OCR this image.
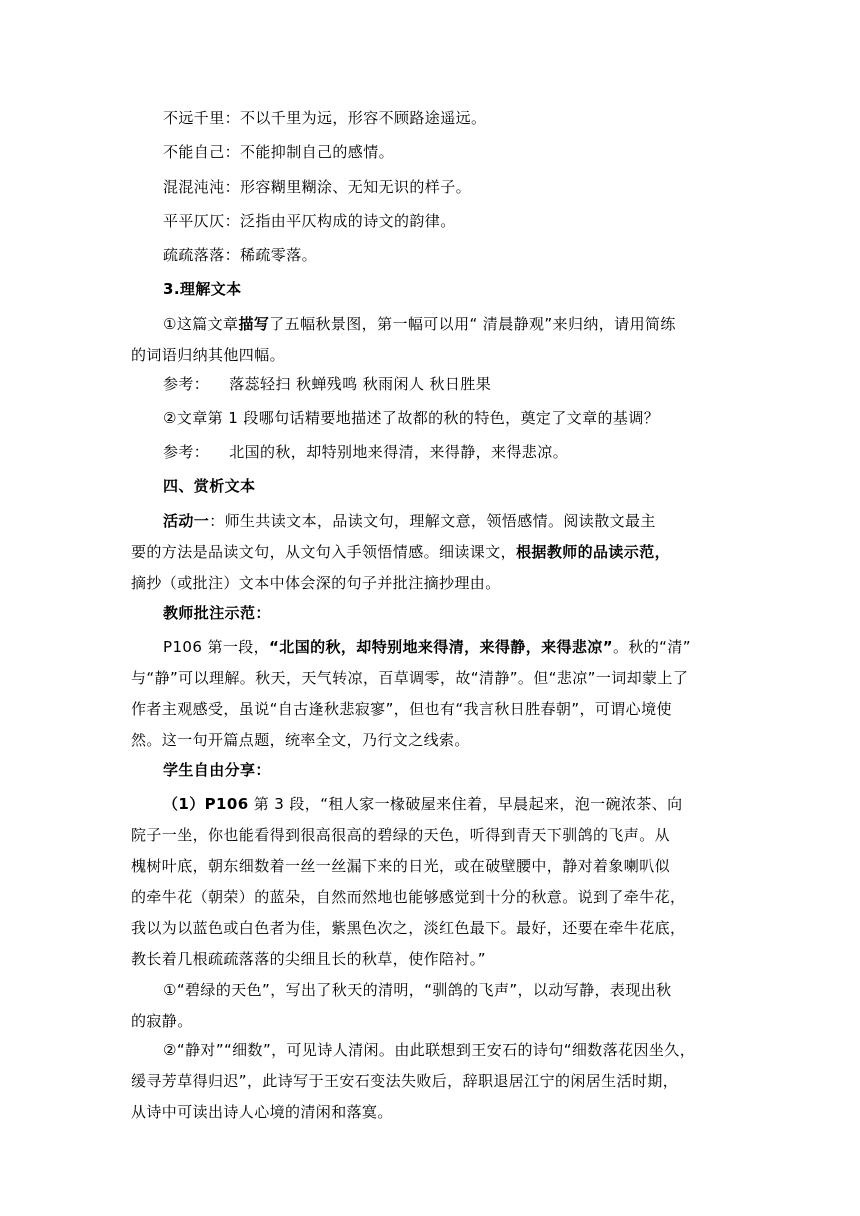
不远千里：不以千里为远，形容不顾路途遥远。

不能自己：不能抑制自己的感情。

混混沌沌：形容糊里糊涂、无知无识的样子。

平平仄仄：泛指由平仄构成的诗文的韵律。

疏疏落落：稀疏零落。

3.理解文本

①这篇文章描写了五幅秋景图，第一幅可以用“ 清晨静观”来归纳，请用简练
的词语归纳其他四幅。

参考： 落蕊轻扫 秋蝉残鸣 秋雨闲人 秋日胜果

②文章第 1 段哪句话精要地描述了故都的秋的特色，奠定了文章的基调？

参考： 北国的秋，却特别地来得清，来得静，来得悲凉。

四、赏析文本

活动一：师生共读文本，品读文句，理解文意，领悟感情。阅读散文最主
要的方法是品读文句，从文句入手领悟情感。细读课文，根据教师的品读示范，
摘抄（或批注）文本中体会深的句子并批注摘抄理由。

教师批注示范：

P106 第一段，“北国的秋，却特别地来得清，来得静，来得悲凉”。秋的“清”
与“静”可以理解。秋天，天气转凉，百草调零，故“清静”。但“悲凉”一词却蒙上了
作者主观感受，虽说“自古逢秋悲寂寥”，但也有“我言秋日胜春朝”，可谓心境使
然。这一句开篇点题，统率全文，乃行文之线索。

学生自由分享：

（1）P106 第 3 段，“租人家一椽破屋来住着，早晨起来，泡一碗浓茶、向
院子一坐，你也能看得到很高很高的碧绿的天色，听得到青天下驯鸽的飞声。从
槐树叶底，朝东细数着一丝一丝漏下来的日光，或在破壁腰中，静对着象喇叭似
的牵牛花（朝荣）的蓝朵，自然而然地也能够感觉到十分的秋意。说到了牵牛花，
我以为以蓝色或白色者为佳，紫黑色次之，淡红色最下。最好，还要在牵牛花底，
教长着几根疏疏落落的尖细且长的秋草，使作陪衬。”

①“碧绿的天色”，写出了秋天的清明，“驯鸽的飞声”，以动写静，表现出秋
的寂静。

②“静对”“细数”，可见诗人清闲。由此联想到王安石的诗句“细数落花因坐久，
缓寻芳草得归迟”，此诗写于王安石变法失败后，辞职退居江宁的闲居生活时期，
从诗中可读出诗人心境的清闲和落寞。
